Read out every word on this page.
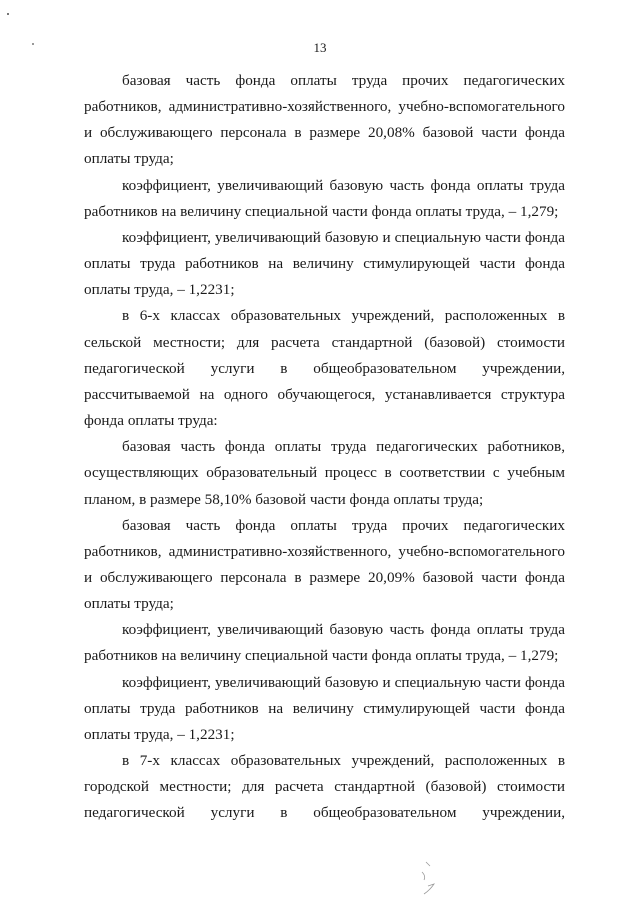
13

базовая часть фонда оплаты труда прочих педагогических работников, административно-хозяйственного, учебно-вспомогательного и обслуживающего персонала в размере 20,08% базовой части фонда оплаты труда;

коэффициент, увеличивающий базовую часть фонда оплаты труда работников на величину специальной части фонда оплаты труда, – 1,279;

коэффициент, увеличивающий базовую и специальную части фонда оплаты труда работников на величину стимулирующей части фонда оплаты труда, – 1,2231;

в 6-х классах образовательных учреждений, расположенных в сельской местности; для расчета стандартной (базовой) стоимости педагогической услуги в общеобразовательном учреждении, рассчитываемой на одного обучающегося, устанавливается структура фонда оплаты труда:

базовая часть фонда оплаты труда педагогических работников, осуществляющих образовательный процесс в соответствии с учебным планом, в размере 58,10% базовой части фонда оплаты труда;

базовая часть фонда оплаты труда прочих педагогических работников, административно-хозяйственного, учебно-вспомогательного и обслуживающего персонала в размере 20,09% базовой части фонда оплаты труда;

коэффициент, увеличивающий базовую часть фонда оплаты труда работников на величину специальной части фонда оплаты труда, – 1,279;

коэффициент, увеличивающий базовую и специальную части фонда оплаты труда работников на величину стимулирующей части фонда оплаты труда, – 1,2231;

в 7-х классах образовательных учреждений, расположенных в городской местности; для расчета стандартной (базовой) стоимости педагогической услуги в общеобразовательном учреждении,
